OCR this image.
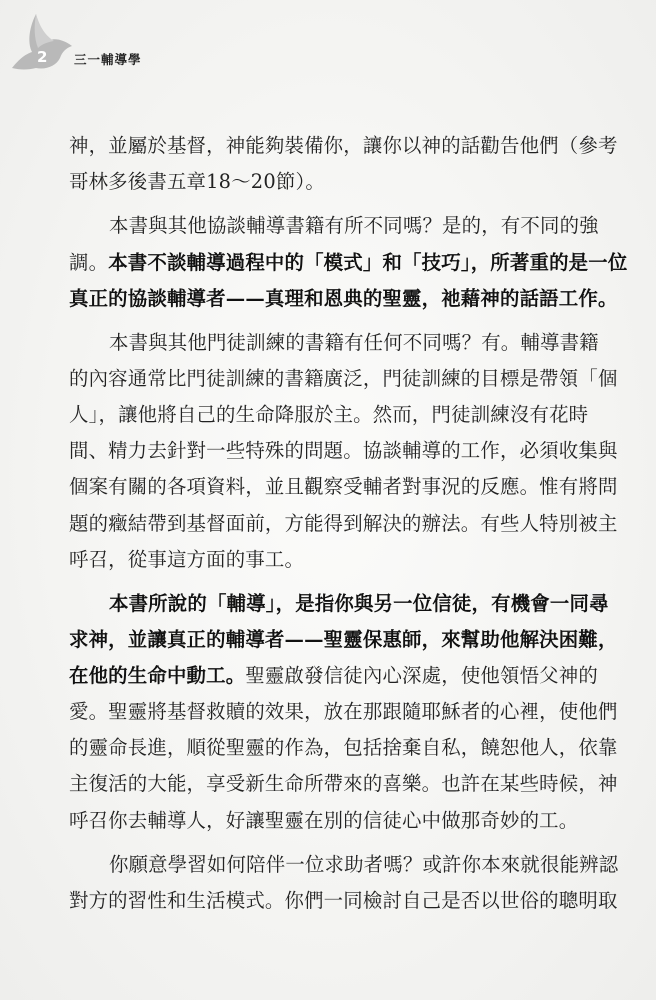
2 三一輔導學
神，並屬於基督，神能夠裝備你，讓你以神的話勸告他們（參考
哥林多後書五章18～20節）。
本書與其他協談輔導書籍有所不同嗎？是的，有不同的強
調。本書不談輔導過程中的「模式」和「技巧」，所著重的是一位
真正的協談輔導者——真理和恩典的聖靈，祂藉神的話語工作。
本書與其他門徒訓練的書籍有任何不同嗎？有。輔導書籍
的內容通常比門徒訓練的書籍廣泛，門徒訓練的目標是帶領「個
人」，讓他將自己的生命降服於主。然而，門徒訓練沒有花時
間、精力去針對一些特殊的問題。協談輔導的工作，必須收集與
個案有關的各項資料，並且觀察受輔者對事況的反應。惟有將問
題的癥結帶到基督面前，方能得到解決的辦法。有些人特別被主
呼召，從事這方面的事工。
本書所說的「輔導」，是指你與另一位信徒，有機會一同尋
求神，並讓真正的輔導者——聖靈保惠師，來幫助他解決困難，
在他的生命中動工。聖靈啟發信徒內心深處，使他領悟父神的
愛。聖靈將基督救贖的效果，放在那跟隨耶穌者的心裡，使他們
的靈命長進，順從聖靈的作為，包括捨棄自私，饒恕他人，依靠
主復活的大能，享受新生命所帶來的喜樂。也許在某些時候，神
呼召你去輔導人，好讓聖靈在別的信徒心中做那奇妙的工。
你願意學習如何陪伴一位求助者嗎？或許你本來就很能辨認
對方的習性和生活模式。你們一同檢討自己是否以世俗的聰明取
